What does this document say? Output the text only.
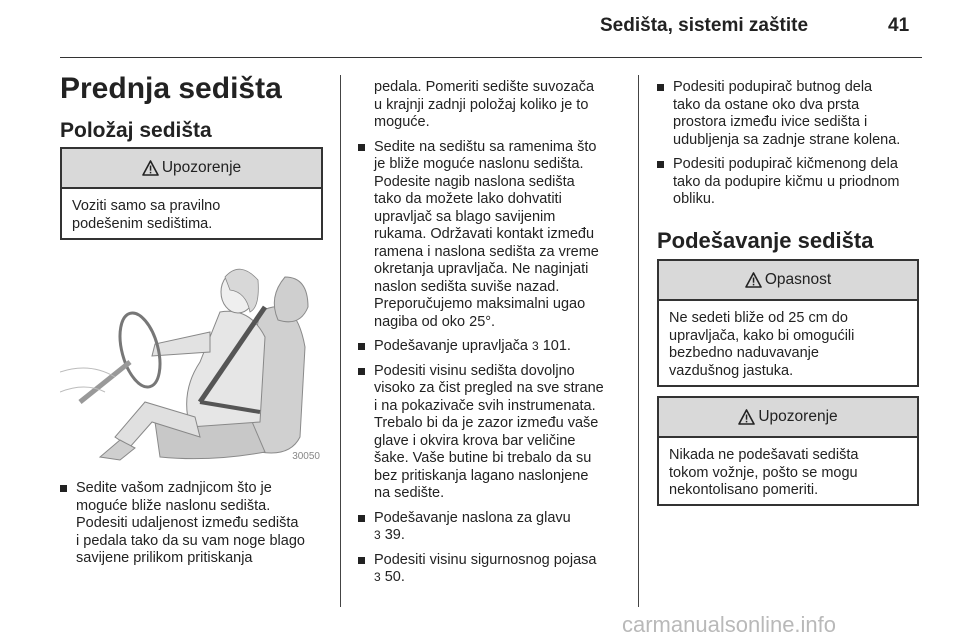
Sedišta, sistemi zaštite	41
Prednja sedišta
Položaj sedišta
Upozorenje
Voziti samo sa pravilno
podešenim sedištima.
30050
Sedite vašom zadnjicom što je
moguće bliže naslonu sedišta.
Podesiti udaljenost između sedišta
i pedala tako da su vam noge blago
savijene prilikom pritiskanja
pedala. Pomeriti sedište suvozača
u krajnji zadnji položaj koliko je to
moguće.
Sedite na sedištu sa ramenima što
je bliže moguće naslonu sedišta.
Podesite nagib naslona sedišta
tako da možete lako dohvatiti
upravljač sa blago savijenim
rukama. Održavati kontakt između
ramena i naslona sedišta za vreme
okretanja upravljača. Ne naginjati
naslon sedišta suviše nazad.
Preporučujemo maksimalni ugao
nagiba od oko 25°.
Podešavanje upravljača 3 101.
Podesiti visinu sedišta dovoljno
visoko za čist pregled na sve strane
i na pokazivače svih instrumenata.
Trebalo bi da je zazor između vaše
glave i okvira krova bar veličine
šake. Vaše butine bi trebalo da su
bez pritiskanja lagano naslonjene
na sedište.
Podešavanje naslona za glavu
3 39.
Podesiti visinu sigurnosnog pojasa
3 50.
Podesiti podupirač butnog dela
tako da ostane oko dva prsta
prostora između ivice sedišta i
udubljenja sa zadnje strane kolena.
Podesiti podupirač kičmenong dela
tako da podupire kičmu u priodnom
obliku.
Podešavanje sedišta
Opasnost
Ne sedeti bliže od 25 cm do
upravljača, kako bi omogućili
bezbedno naduvavanje
vazdušnog jastuka.
Upozorenje
Nikada ne podešavati sedišta
tokom vožnje, pošto se mogu
nekontolisano pomeriti.
carmanualsonline.info
